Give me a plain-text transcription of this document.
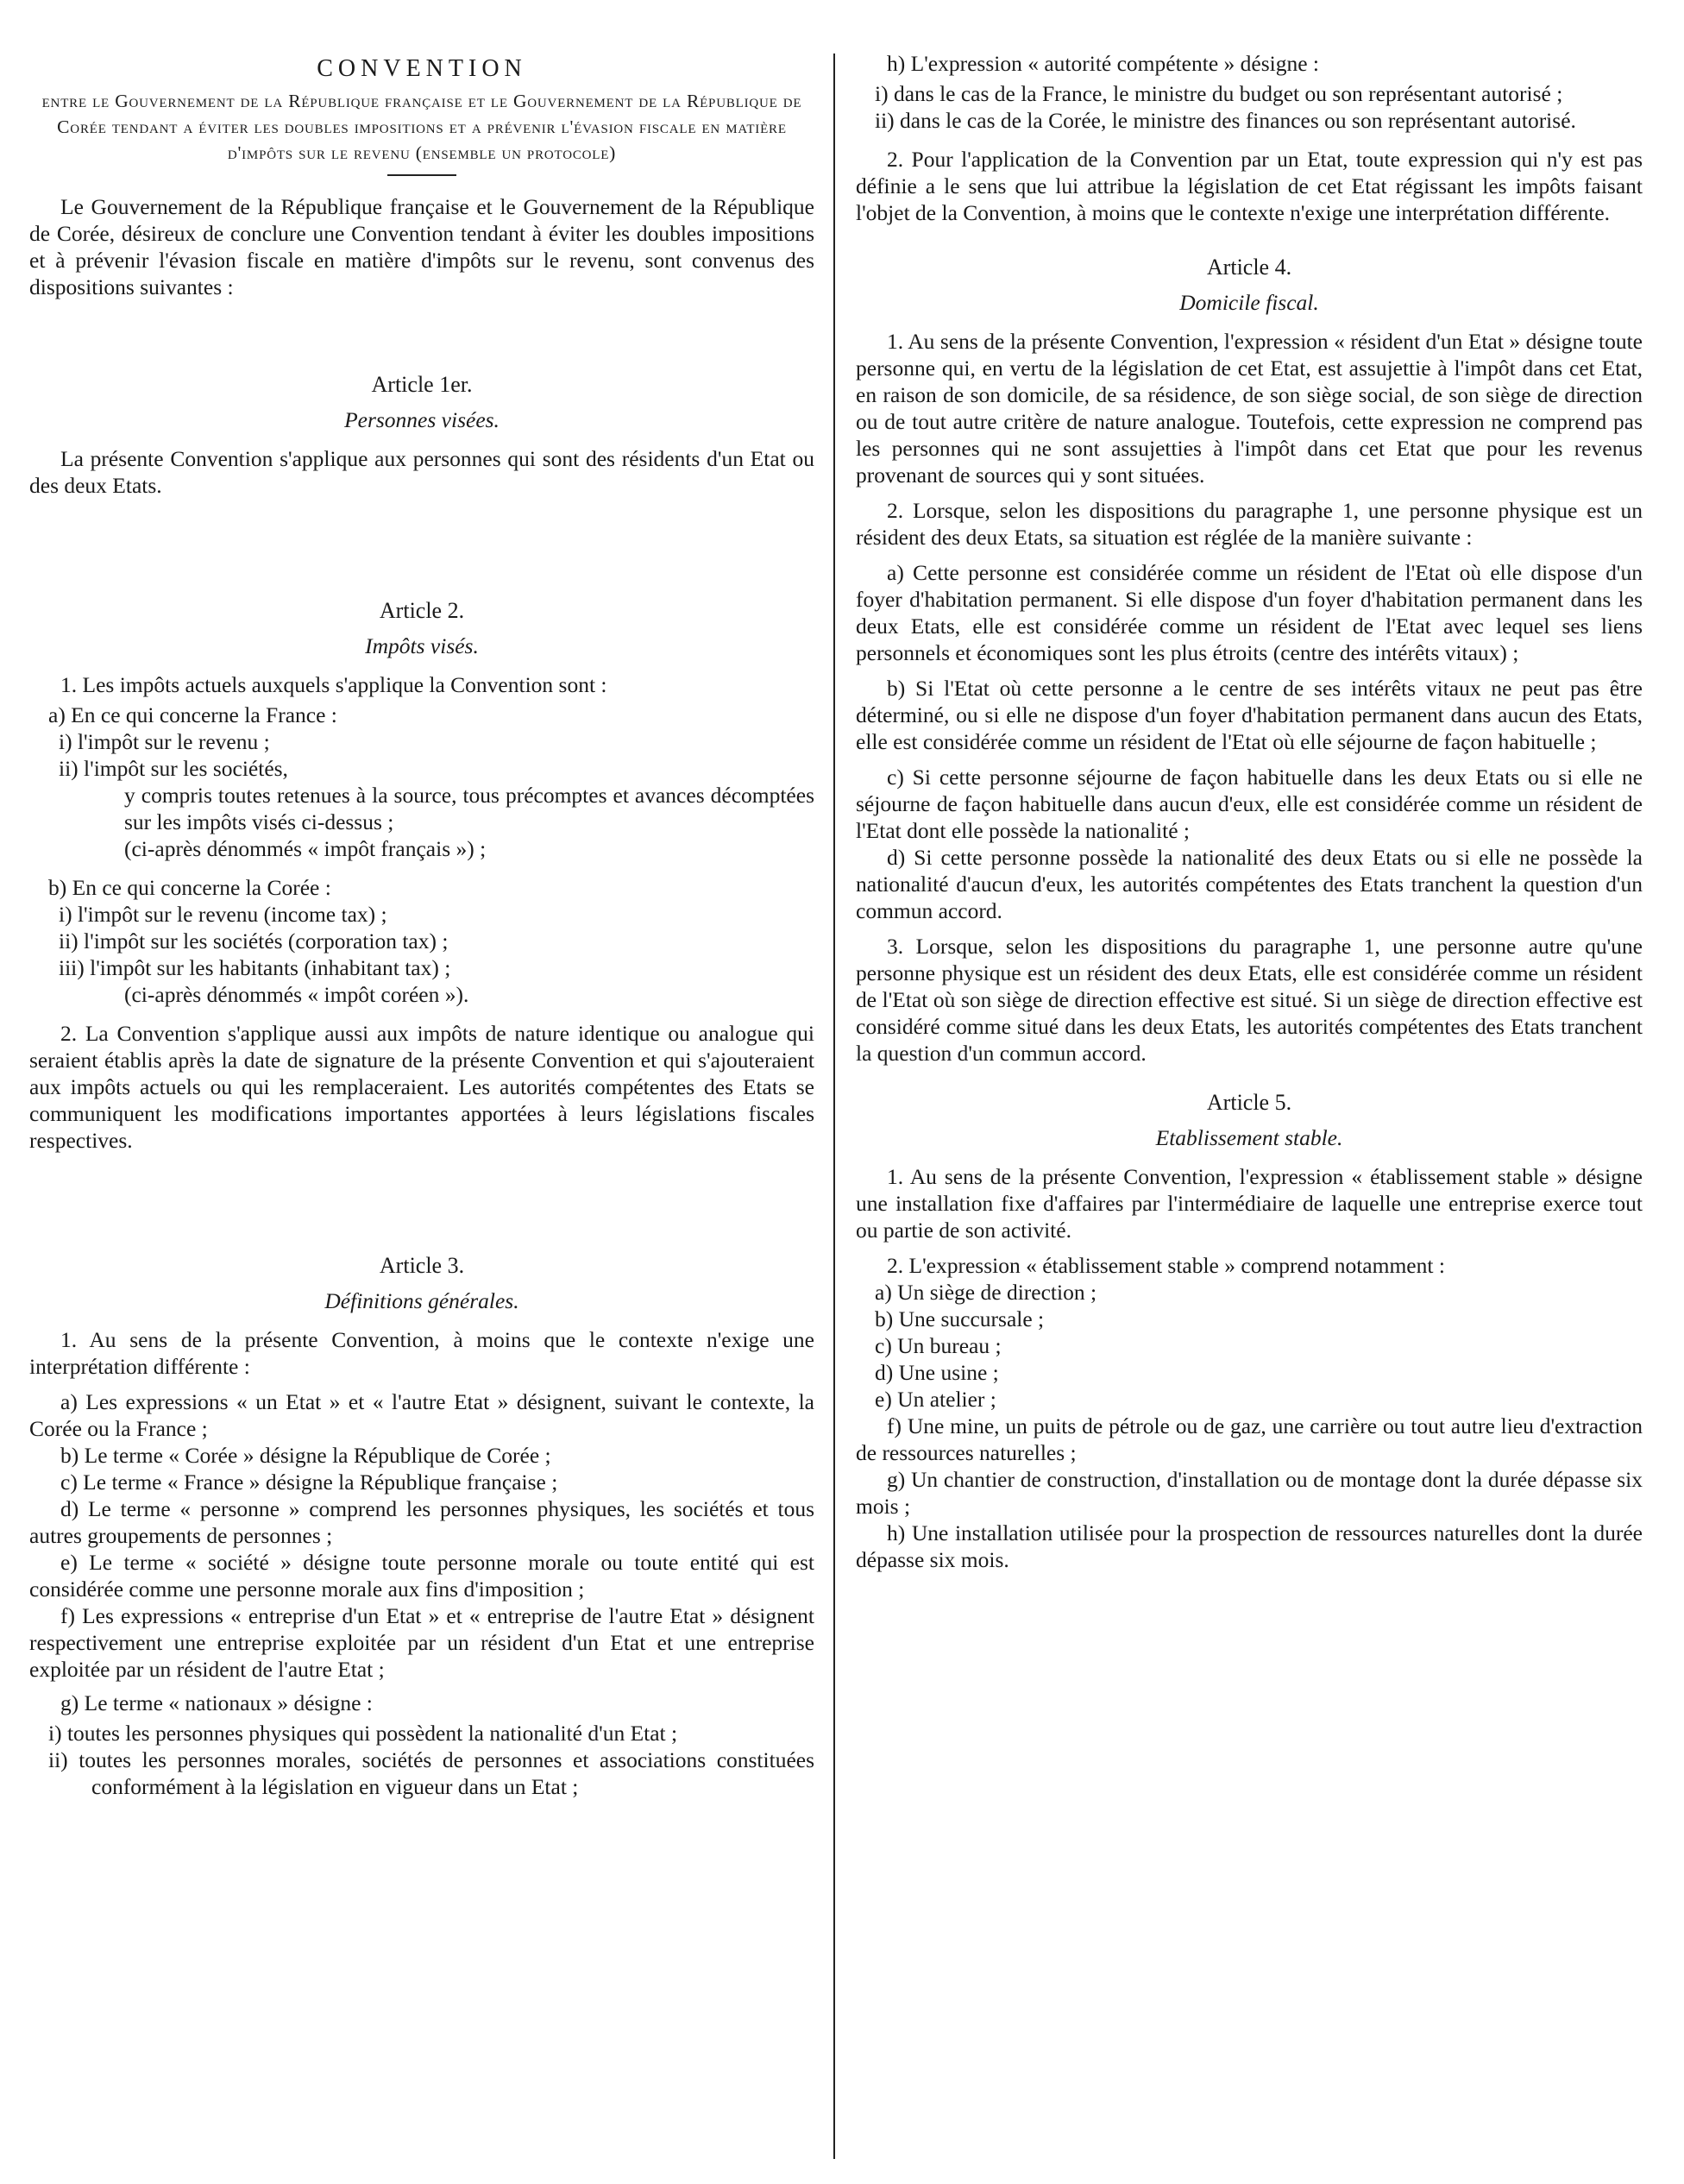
CONVENTION
entre le Gouvernement de la République française et le Gouvernement de la République de Corée tendant a éviter les doubles impositions et a prévenir l'évasion fiscale en matière d'impôts sur le revenu (ensemble un protocole)

Le Gouvernement de la République française et le Gouvernement de la République de Corée, désireux de conclure une Convention tendant à éviter les doubles impositions et à prévenir l'évasion fiscale en matière d'impôts sur le revenu, sont convenus des dispositions suivantes :

Article 1er.

Personnes visées.

La présente Convention s'applique aux personnes qui sont des résidents d'un Etat ou des deux Etats.

Article 2.

Impôts visés.

1. Les impôts actuels auxquels s'applique la Convention sont :

a) En ce qui concerne la France :

i) l'impôt sur le revenu ;

ii) l'impôt sur les sociétés,

y compris toutes retenues à la source, tous précomptes et avances décomptées sur les impôts visés ci-dessus ;

(ci-après dénommés « impôt français ») ;

b) En ce qui concerne la Corée :

i) l'impôt sur le revenu (income tax) ;

ii) l'impôt sur les sociétés (corporation tax) ;

iii) l'impôt sur les habitants (inhabitant tax) ;

(ci-après dénommés « impôt coréen »).

2. La Convention s'applique aussi aux impôts de nature identique ou analogue qui seraient établis après la date de signature de la présente Convention et qui s'ajouteraient aux impôts actuels ou qui les remplaceraient. Les autorités compétentes des Etats se communiquent les modifications importantes apportées à leurs législations fiscales respectives.

Article 3.

Définitions générales.

1. Au sens de la présente Convention, à moins que le contexte n'exige une interprétation différente :

a) Les expressions « un Etat » et « l'autre Etat » désignent, suivant le contexte, la Corée ou la France ;

b) Le terme « Corée » désigne la République de Corée ;

c) Le terme « France » désigne la République française ;

d) Le terme « personne » comprend les personnes physiques, les sociétés et tous autres groupements de personnes ;

e) Le terme « société » désigne toute personne morale ou toute entité qui est considérée comme une personne morale aux fins d'imposition ;

f) Les expressions « entreprise d'un Etat » et « entreprise de l'autre Etat » désignent respectivement une entreprise exploitée par un résident d'un Etat et une entreprise exploitée par un résident de l'autre Etat ;

g) Le terme « nationaux » désigne :

i) toutes les personnes physiques qui possèdent la nationalité d'un Etat ;

ii) toutes les personnes morales, sociétés de personnes et associations constituées conformément à la législation en vigueur dans un Etat ;

h) L'expression « autorité compétente » désigne :

i) dans le cas de la France, le ministre du budget ou son représentant autorisé ;

ii) dans le cas de la Corée, le ministre des finances ou son représentant autorisé.

2. Pour l'application de la Convention par un Etat, toute expression qui n'y est pas définie a le sens que lui attribue la législation de cet Etat régissant les impôts faisant l'objet de la Convention, à moins que le contexte n'exige une interprétation différente.

Article 4.

Domicile fiscal.

1. Au sens de la présente Convention, l'expression « résident d'un Etat » désigne toute personne qui, en vertu de la législation de cet Etat, est assujettie à l'impôt dans cet Etat, en raison de son domicile, de sa résidence, de son siège social, de son siège de direction ou de tout autre critère de nature analogue. Toutefois, cette expression ne comprend pas les personnes qui ne sont assujetties à l'impôt dans cet Etat que pour les revenus provenant de sources qui y sont situées.

2. Lorsque, selon les dispositions du paragraphe 1, une personne physique est un résident des deux Etats, sa situation est réglée de la manière suivante :

a) Cette personne est considérée comme un résident de l'Etat où elle dispose d'un foyer d'habitation permanent. Si elle dispose d'un foyer d'habitation permanent dans les deux Etats, elle est considérée comme un résident de l'Etat avec lequel ses liens personnels et économiques sont les plus étroits (centre des intérêts vitaux) ;

b) Si l'Etat où cette personne a le centre de ses intérêts vitaux ne peut pas être déterminé, ou si elle ne dispose d'un foyer d'habitation permanent dans aucun des Etats, elle est considérée comme un résident de l'Etat où elle séjourne de façon habituelle ;

c) Si cette personne séjourne de façon habituelle dans les deux Etats ou si elle ne séjourne de façon habituelle dans aucun d'eux, elle est considérée comme un résident de l'Etat dont elle possède la nationalité ;

d) Si cette personne possède la nationalité des deux Etats ou si elle ne possède la nationalité d'aucun d'eux, les autorités compétentes des Etats tranchent la question d'un commun accord.

3. Lorsque, selon les dispositions du paragraphe 1, une personne autre qu'une personne physique est un résident des deux Etats, elle est considérée comme un résident de l'Etat où son siège de direction effective est situé. Si un siège de direction effective est considéré comme situé dans les deux Etats, les autorités compétentes des Etats tranchent la question d'un commun accord.

Article 5.

Etablissement stable.

1. Au sens de la présente Convention, l'expression « établissement stable » désigne une installation fixe d'affaires par l'intermédiaire de laquelle une entreprise exerce tout ou partie de son activité.

2. L'expression « établissement stable » comprend notamment :

a) Un siège de direction ;

b) Une succursale ;

c) Un bureau ;

d) Une usine ;

e) Un atelier ;

f) Une mine, un puits de pétrole ou de gaz, une carrière ou tout autre lieu d'extraction de ressources naturelles ;

g) Un chantier de construction, d'installation ou de montage dont la durée dépasse six mois ;

h) Une installation utilisée pour la prospection de ressources naturelles dont la durée dépasse six mois.
